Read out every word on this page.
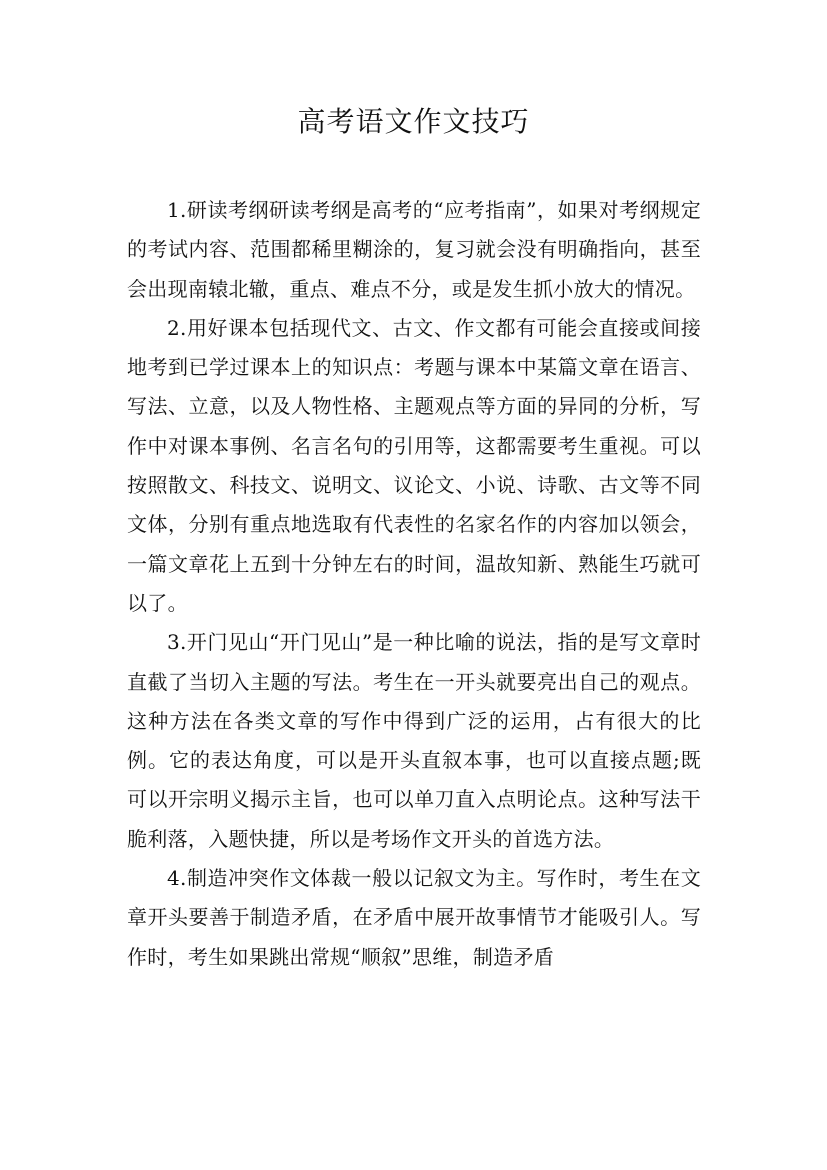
高考语文作文技巧

1.研读考纲研读考纲是高考的“应考指南”，如果对考纲规定的考试内容、范围都稀里糊涂的，复习就会没有明确指向，甚至会出现南辕北辙，重点、难点不分，或是发生抓小放大的情况。

2.用好课本包括现代文、古文、作文都有可能会直接或间接地考到已学过课本上的知识点：考题与课本中某篇文章在语言、写法、立意，以及人物性格、主题观点等方面的异同的分析，写作中对课本事例、名言名句的引用等，这都需要考生重视。可以按照散文、科技文、说明文、议论文、小说、诗歌、古文等不同文体，分别有重点地选取有代表性的名家名作的内容加以领会，一篇文章花上五到十分钟左右的时间，温故知新、熟能生巧就可以了。

3.开门见山“开门见山”是一种比喻的说法，指的是写文章时直截了当切入主题的写法。考生在一开头就要亮出自己的观点。这种方法在各类文章的写作中得到广泛的运用，占有很大的比例。它的表达角度，可以是开头直叙本事，也可以直接点题;既可以开宗明义揭示主旨，也可以单刀直入点明论点。这种写法干脆利落，入题快捷，所以是考场作文开头的首选方法。

4.制造冲突作文体裁一般以记叙文为主。写作时，考生在文章开头要善于制造矛盾，在矛盾中展开故事情节才能吸引人。写作时，考生如果跳出常规“顺叙”思维，制造矛盾
